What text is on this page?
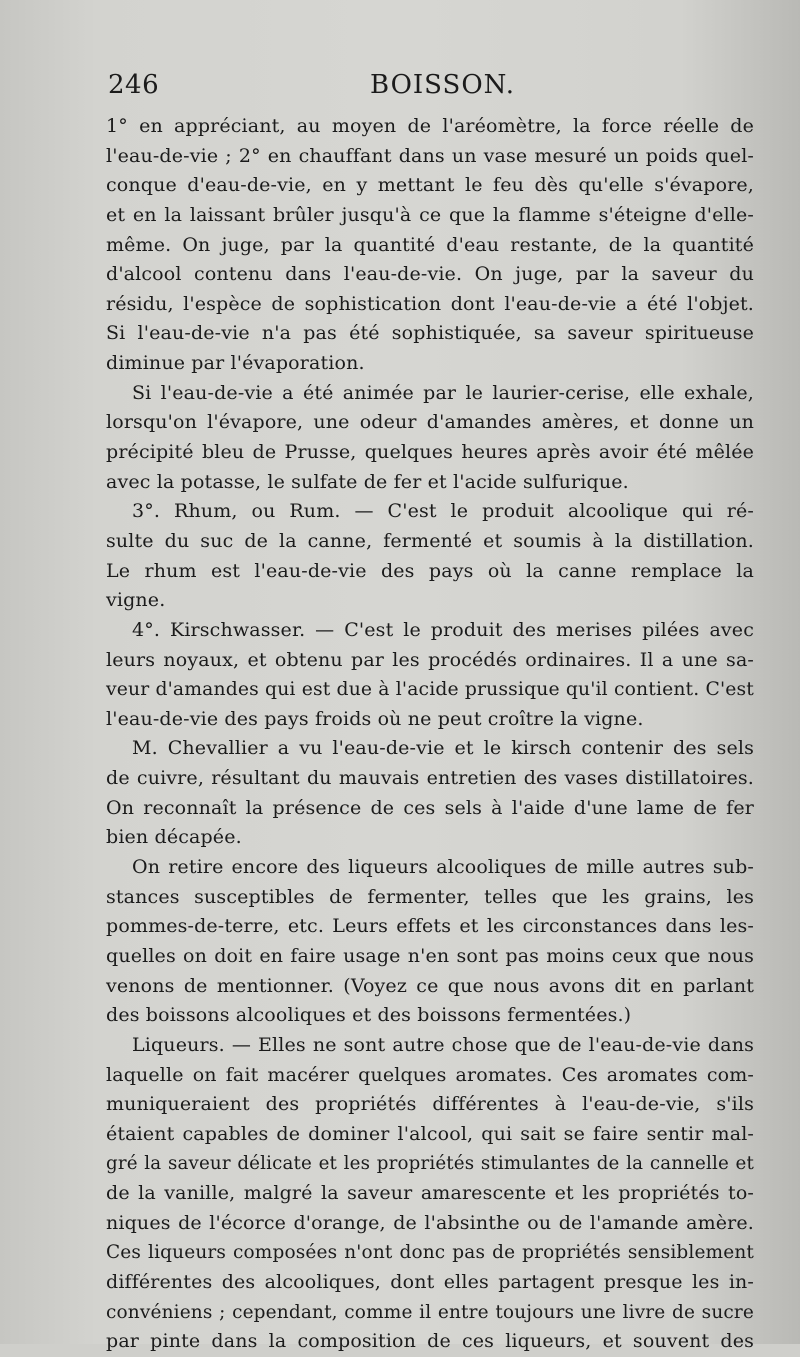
246	BOISSON.
1° en appréciant, au moyen de l'aréomètre, la force réelle de
l'eau-de-vie ; 2° en chauffant dans un vase mesuré un poids quel-
conque d'eau-de-vie, en y mettant le feu dès qu'elle s'évapore,
et en la laissant brûler jusqu'à ce que la flamme s'éteigne d'elle-
même. On juge, par la quantité d'eau restante, de la quantité
d'alcool contenu dans l'eau-de-vie. On juge, par la saveur du
résidu, l'espèce de sophistication dont l'eau-de-vie a été l'objet.
Si l'eau-de-vie n'a pas été sophistiquée, sa saveur spiritueuse
diminue par l'évaporation.
Si l'eau-de-vie a été animée par le laurier-cerise, elle exhale,
lorsqu'on l'évapore, une odeur d'amandes amères, et donne un
précipité bleu de Prusse, quelques heures après avoir été mêlée
avec la potasse, le sulfate de fer et l'acide sulfurique.
3°. Rhum, ou Rum. — C'est le produit alcoolique qui ré-
sulte du suc de la canne, fermenté et soumis à la distillation.
Le rhum est l'eau-de-vie des pays où la canne remplace la
vigne.
4°. Kirschwasser. — C'est le produit des merises pilées avec
leurs noyaux, et obtenu par les procédés ordinaires. Il a une sa-
veur d'amandes qui est due à l'acide prussique qu'il contient. C'est
l'eau-de-vie des pays froids où ne peut croître la vigne.
M. Chevallier a vu l'eau-de-vie et le kirsch contenir des sels
de cuivre, résultant du mauvais entretien des vases distillatoires.
On reconnaît la présence de ces sels à l'aide d'une lame de fer
bien décapée.
On retire encore des liqueurs alcooliques de mille autres sub-
stances susceptibles de fermenter, telles que les grains, les
pommes-de-terre, etc. Leurs effets et les circonstances dans les-
quelles on doit en faire usage n'en sont pas moins ceux que nous
venons de mentionner. (Voyez ce que nous avons dit en parlant
des boissons alcooliques et des boissons fermentées.)
Liqueurs. — Elles ne sont autre chose que de l'eau-de-vie dans
laquelle on fait macérer quelques aromates. Ces aromates com-
muniqueraient des propriétés différentes à l'eau-de-vie, s'ils
étaient capables de dominer l'alcool, qui sait se faire sentir mal-
gré la saveur délicate et les propriétés stimulantes de la cannelle et
de la vanille, malgré la saveur amarescente et les propriétés to-
niques de l'écorce d'orange, de l'absinthe ou de l'amande amère.
Ces liqueurs composées n'ont donc pas de propriétés sensiblement
différentes des alcooliques, dont elles partagent presque les in-
convéniens ; cependant, comme il entre toujours une livre de sucre
par pinte dans la composition de ces liqueurs, et souvent des
